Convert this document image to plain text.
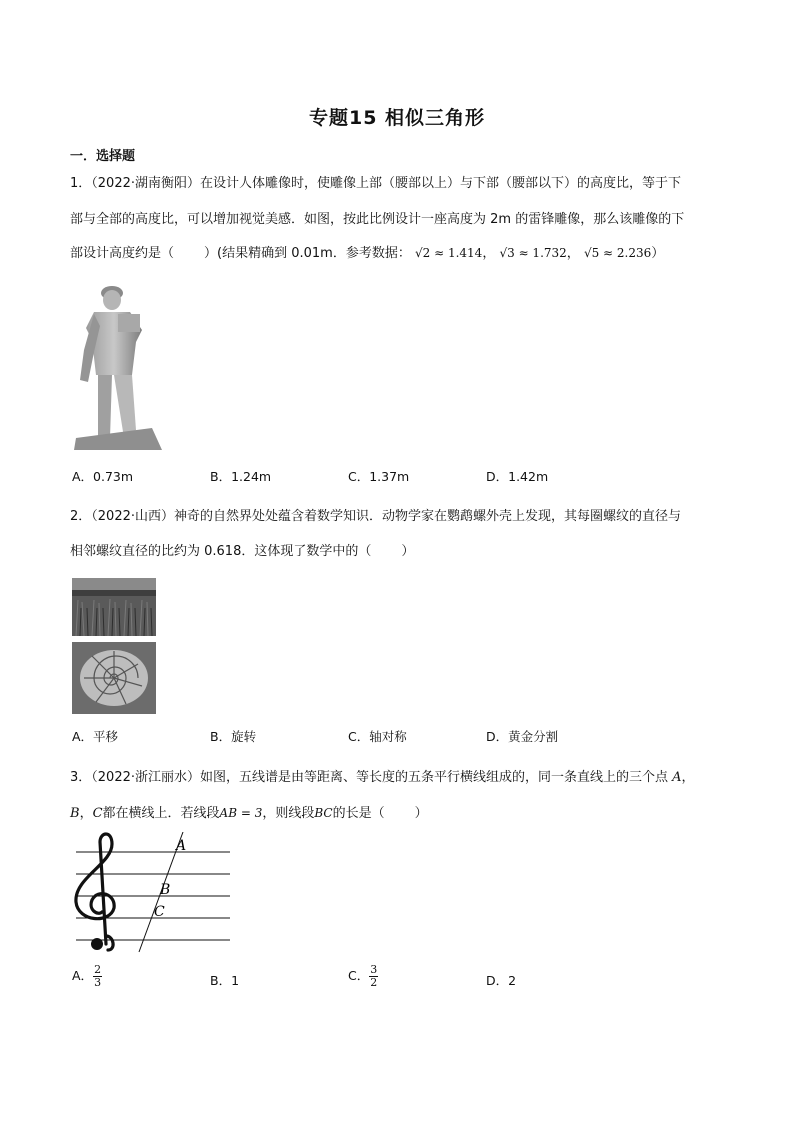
专题15 相似三角形
一．选择题
1．（2022·湖南衡阳）在设计人体雕像时，使雕像上部（腰部以上）与下部（腰部以下）的高度比，等于下
部与全部的高度比，可以增加视觉美感．如图，按此比例设计一座高度为 2m 的雷锋雕像，那么该雕像的下
部设计高度约是（ ）(结果精确到 0.01m．参考数据： √2 ≈ 1.414， √3 ≈ 1.732， √5 ≈ 2.236）
A．0.73m	B．1.24m	C．1.37m	D．1.42m
2．（2022·山西）神奇的自然界处处蕴含着数学知识．动物学家在鹦鹉螺外壳上发现，其每圈螺纹的直径与
相邻螺纹直径的比约为 0.618．这体现了数学中的（ ）
A．平移	B．旋转	C．轴对称	D．黄金分割
3．（2022·浙江丽水）如图，五线谱是由等距离、等长度的五条平行横线组成的，同一条直线上的三个点 A，
B，C都在横线上．若线段AB = 3，则线段BC的长是（ ）
A
B
C
A． $\frac{2}{3}$	B．1	C． $\frac{3}{2}$	D．2
